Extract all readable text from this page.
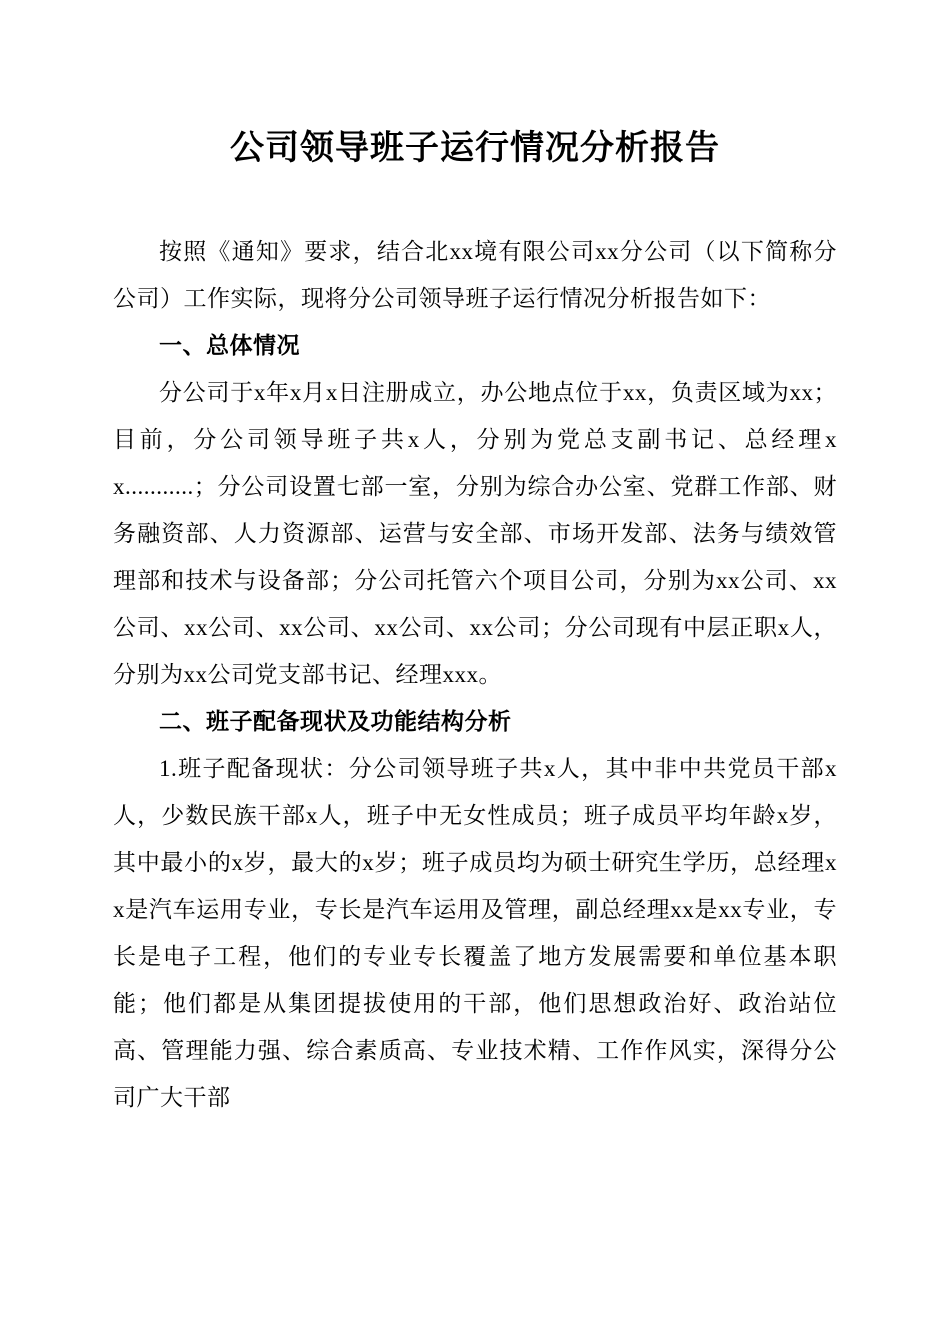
公司领导班子运行情况分析报告

按照《通知》要求，结合北xx境有限公司xx分公司（以下简称分公司）工作实际，现将分公司领导班子运行情况分析报告如下：

一、总体情况

分公司于x年x月x日注册成立，办公地点位于xx，负责区域为xx；目前，分公司领导班子共x人，分别为党总支副书记、总经理xx...........；分公司设置七部一室，分别为综合办公室、党群工作部、财务融资部、人力资源部、运营与安全部、市场开发部、法务与绩效管理部和技术与设备部；分公司托管六个项目公司，分别为xx公司、xx公司、xx公司、xx公司、xx公司、xx公司；分公司现有中层正职x人，分别为xx公司党支部书记、经理xxx。

二、班子配备现状及功能结构分析

1.班子配备现状：分公司领导班子共x人，其中非中共党员干部x人，少数民族干部x人，班子中无女性成员；班子成员平均年龄x岁，其中最小的x岁，最大的x岁；班子成员均为硕士研究生学历，总经理xx是汽车运用专业，专长是汽车运用及管理，副总经理xx是xx专业，专长是电子工程，他们的专业专长覆盖了地方发展需要和单位基本职能；他们都是从集团提拔使用的干部，他们思想政治好、政治站位高、管理能力强、综合素质高、专业技术精、工作作风实，深得分公司广大干部
